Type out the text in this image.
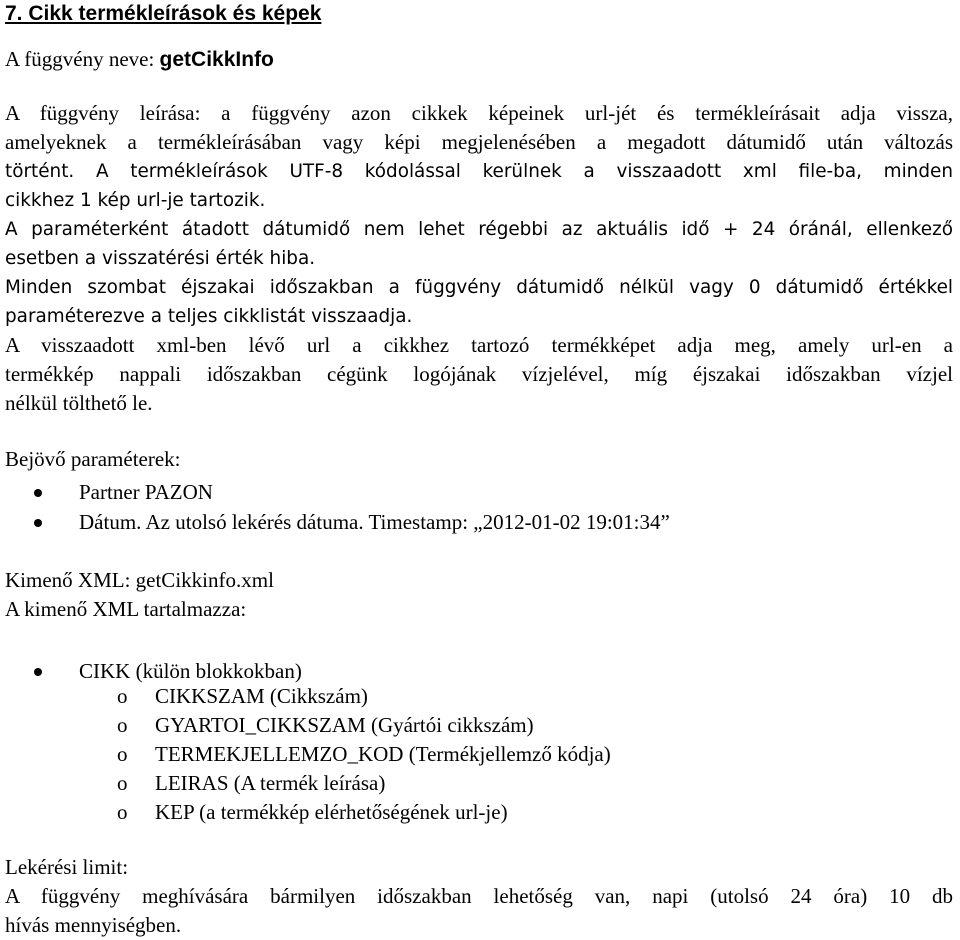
7. Cikk termékleírások és képek

A függvény neve: getCikkInfo

A függvény leírása: a függvény azon cikkek képeinek url-jét és termékleírásait adja vissza,

amelyeknek a termékleírásában vagy képi megjelenésében a megadott dátumidő után változás

történt. A termékleírások UTF-8 kódolással kerülnek a visszaadott xml file-ba, minden

cikkhez 1 kép url-je tartozik.

A paraméterként átadott dátumidő nem lehet régebbi az aktuális idő + 24 óránál, ellenkező

esetben a visszatérési érték hiba.

Minden szombat éjszakai időszakban a függvény dátumidő nélkül vagy 0 dátumidő értékkel

paraméterezve a teljes cikklistát visszaadja.

A visszaadott xml-ben lévő url a cikkhez tartozó termékképet adja meg, amely url-en a

termékkép nappali időszakban cégünk logójának vízjelével, míg éjszakai időszakban vízjel

nélkül tölthető le.

Bejövő paraméterek:

Partner PAZON
Dátum. Az utolsó lekérés dátuma. Timestamp: „2012-01-02 19:01:34”

Kimenő XML: getCikkinfo.xml

A kimenő XML tartalmazza:

CIKK (külön blokkokban)
o CIKKSZAM (Cikkszám)
o GYARTOI_CIKKSZAM (Gyártói cikkszám)
o TERMEKJELLEMZO_KOD (Termékjellemző kódja)
o LEIRAS (A termék leírása)
o KEP (a termékkép elérhetőségének url-je)

Lekérési limit:

A függvény meghívására bármilyen időszakban lehetőség van, napi (utolsó 24 óra) 10 db

hívás mennyiségben.
